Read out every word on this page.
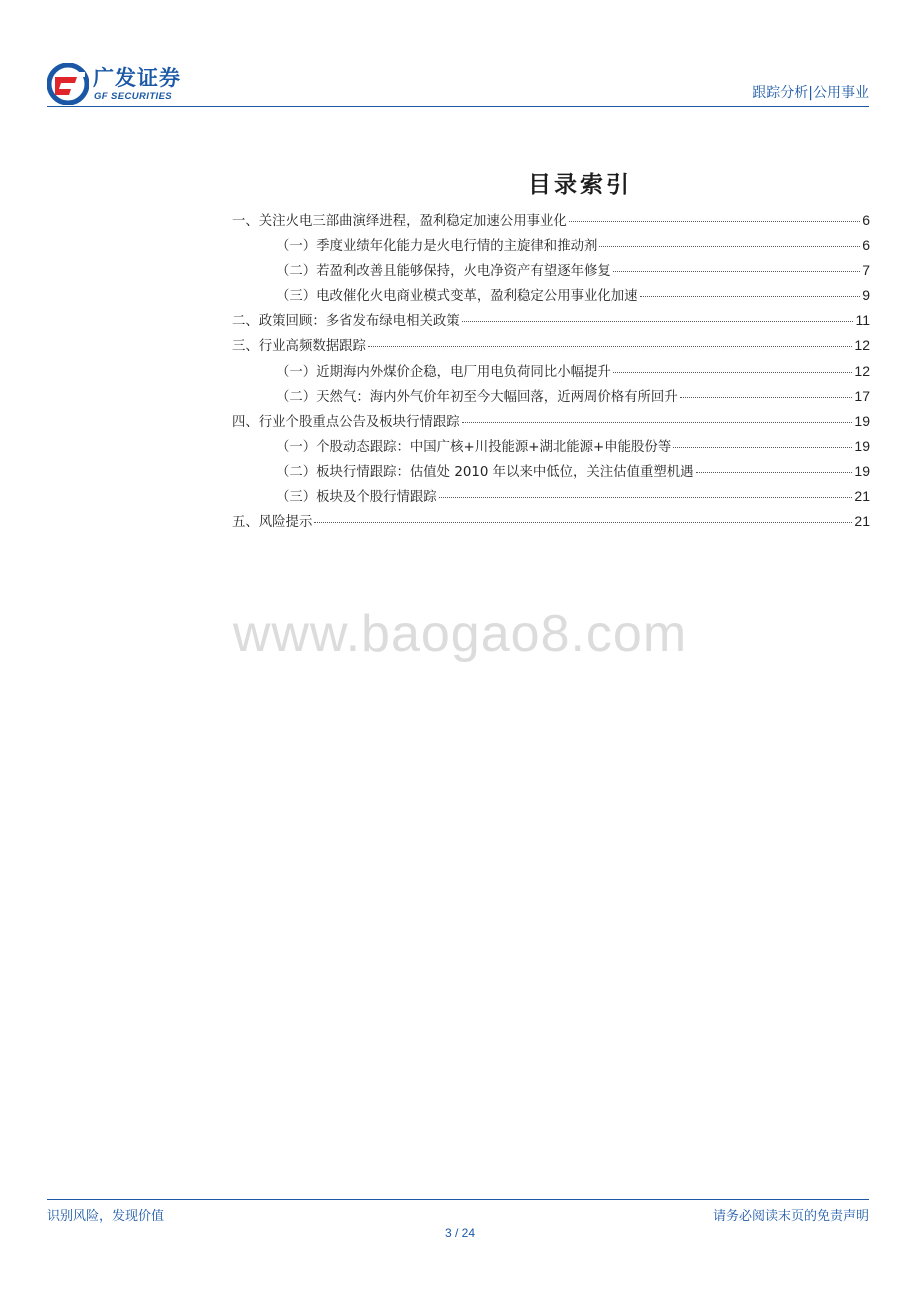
广发证券
GF SECURITIES	跟踪分析|公用事业
目录索引
一、关注火电三部曲演绎进程，盈利稳定加速公用事业化	6
（一）季度业绩年化能力是火电行情的主旋律和推动剂	6
（二）若盈利改善且能够保持，火电净资产有望逐年修复	7
（三）电改催化火电商业模式变革，盈利稳定公用事业化加速	9
二、政策回顾：多省发布绿电相关政策	11
三、行业高频数据跟踪	12
（一）近期海内外煤价企稳，电厂用电负荷同比小幅提升	12
（二）天然气：海内外气价年初至今大幅回落，近两周价格有所回升	17
四、行业个股重点公告及板块行情跟踪	19
（一）个股动态跟踪：中国广核+川投能源+湖北能源+申能股份等	19
（二）板块行情跟踪：估值处 2010 年以来中低位，关注估值重塑机遇	19
（三）板块及个股行情跟踪	21
五、风险提示	21
www.baogao8.com
识别风险，发现价值	请务必阅读末页的免责声明
3 / 24
